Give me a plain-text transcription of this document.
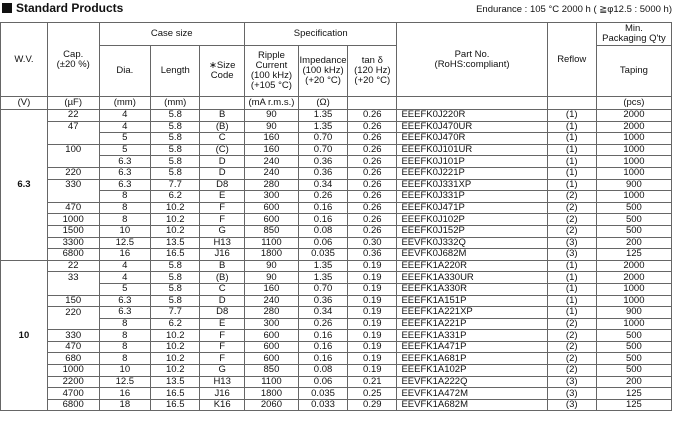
Standard Products	Endurance : 105 °C 2000 h ( ≧φ12.5 : 5000 h)
W.V.	Cap.
(±20 %)	Case size			Specification			Part No.
(RoHS:compliant)	Reflow	Min.
Packaging Q'ty
		Dia.	Length	∗Size
Code	Ripple
Current
(100 kHz)
(+105 °C)	Impedance
(100 kHz)
(+20 °C)	tan δ
(120 Hz)
(+20 °C)			Taping
(V)	(µF)	(mm)	(mm)		(mA r.m.s.)	(Ω)				(pcs)
6.3	22	4	5.8	B	90	1.35	0.26	EEEFK0J220R	(1)	2000
	47	4	5.8	(B)	90	1.35	0.26	EEEFK0J470UR	(1)	2000
		5	5.8	C	160	0.70	0.26	EEEFK0J470R	(1)	1000
	100	5	5.8	(C)	160	0.70	0.26	EEEFK0J101UR	(1)	1000
		6.3	5.8	D	240	0.36	0.26	EEEFK0J101P	(1)	1000
	220	6.3	5.8	D	240	0.36	0.26	EEEFK0J221P	(1)	1000
	330	6.3	7.7	D8	280	0.34	0.26	EEEFK0J331XP	(1)	900
		8	6.2	E	300	0.26	0.26	EEEFK0J331P	(2)	1000
	470	8	10.2	F	600	0.16	0.26	EEEFK0J471P	(2)	500
	1000	8	10.2	F	600	0.16	0.26	EEEFK0J102P	(2)	500
	1500	10	10.2	G	850	0.08	0.26	EEEFK0J152P	(2)	500
	3300	12.5	13.5	H13	1100	0.06	0.30	EEVFK0J332Q	(3)	200
	6800	16	16.5	J16	1800	0.035	0.36	EEVFK0J682M	(3)	125
10	22	4	5.8	B	90	1.35	0.19	EEEFK1A220R	(1)	2000
	33	4	5.8	(B)	90	1.35	0.19	EEEFK1A330UR	(1)	2000
		5	5.8	C	160	0.70	0.19	EEEFK1A330R	(1)	1000
	150	6.3	5.8	D	240	0.36	0.19	EEEFK1A151P	(1)	1000
	220	6.3	7.7	D8	280	0.34	0.19	EEEFK1A221XP	(1)	900
		8	6.2	E	300	0.26	0.19	EEEFK1A221P	(2)	1000
	330	8	10.2	F	600	0.16	0.19	EEEFK1A331P	(2)	500
	470	8	10.2	F	600	0.16	0.19	EEEFK1A471P	(2)	500
	680	8	10.2	F	600	0.16	0.19	EEEFK1A681P	(2)	500
	1000	10	10.2	G	850	0.08	0.19	EEEFK1A102P	(2)	500
	2200	12.5	13.5	H13	1100	0.06	0.21	EEVFK1A222Q	(3)	200
	4700	16	16.5	J16	1800	0.035	0.25	EEVFK1A472M	(3)	125
	6800	18	16.5	K16	2060	0.033	0.29	EEVFK1A682M	(3)	125
